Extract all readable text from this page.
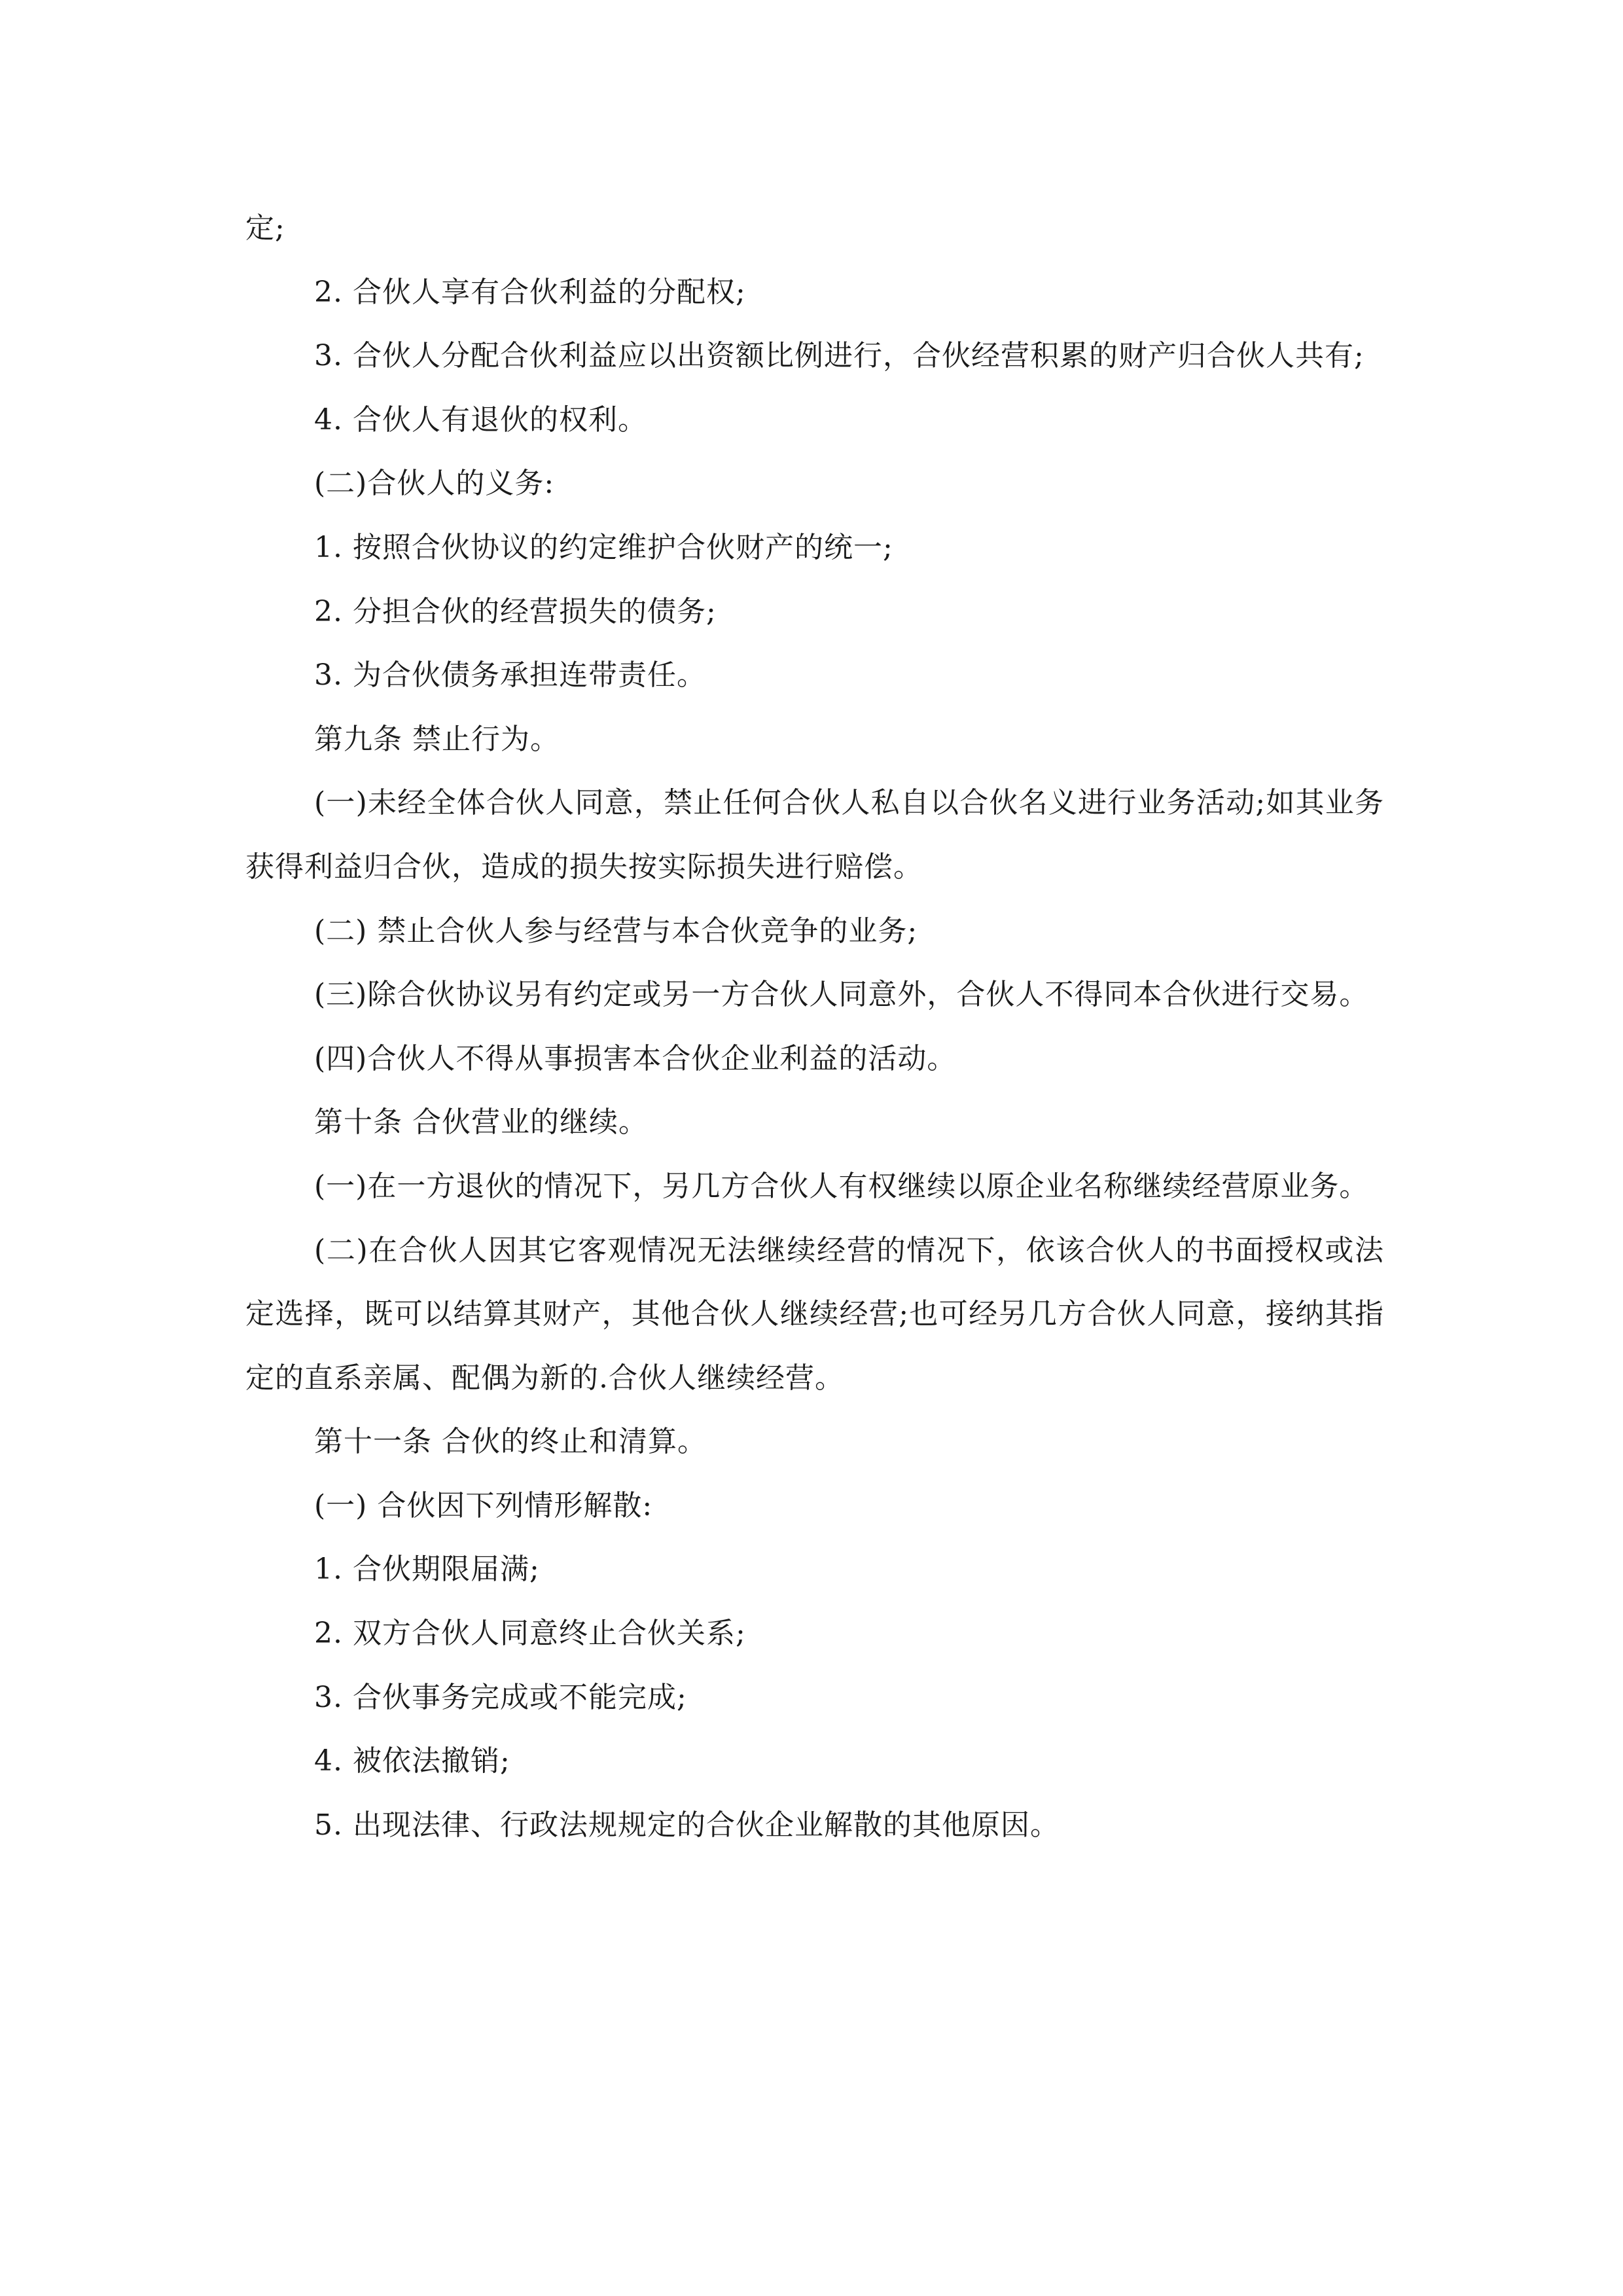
定;

2. 合伙人享有合伙利益的分配权;

3. 合伙人分配合伙利益应以出资额比例进行，合伙经营积累的财产归合伙人共有;

4. 合伙人有退伙的权利。

(二)合伙人的义务:

1. 按照合伙协议的约定维护合伙财产的统一;

2. 分担合伙的经营损失的债务;

3. 为合伙债务承担连带责任。

第九条 禁止行为。

(一)未经全体合伙人同意，禁止任何合伙人私自以合伙名义进行业务活动;如其业务获得利益归合伙，造成的损失按实际损失进行赔偿。

(二) 禁止合伙人参与经营与本合伙竞争的业务;

(三)除合伙协议另有约定或另一方合伙人同意外，合伙人不得同本合伙进行交易。

(四)合伙人不得从事损害本合伙企业利益的活动。

第十条 合伙营业的继续。

(一)在一方退伙的情况下，另几方合伙人有权继续以原企业名称继续经营原业务。

(二)在合伙人因其它客观情况无法继续经营的情况下，依该合伙人的书面授权或法定选择，既可以结算其财产，其他合伙人继续经营;也可经另几方合伙人同意，接纳其指定的直系亲属、配偶为新的.合伙人继续经营。

第十一条 合伙的终止和清算。

(一) 合伙因下列情形解散:

1. 合伙期限届满;

2. 双方合伙人同意终止合伙关系;

3. 合伙事务完成或不能完成;

4. 被依法撤销;

5. 出现法律、行政法规规定的合伙企业解散的其他原因。
